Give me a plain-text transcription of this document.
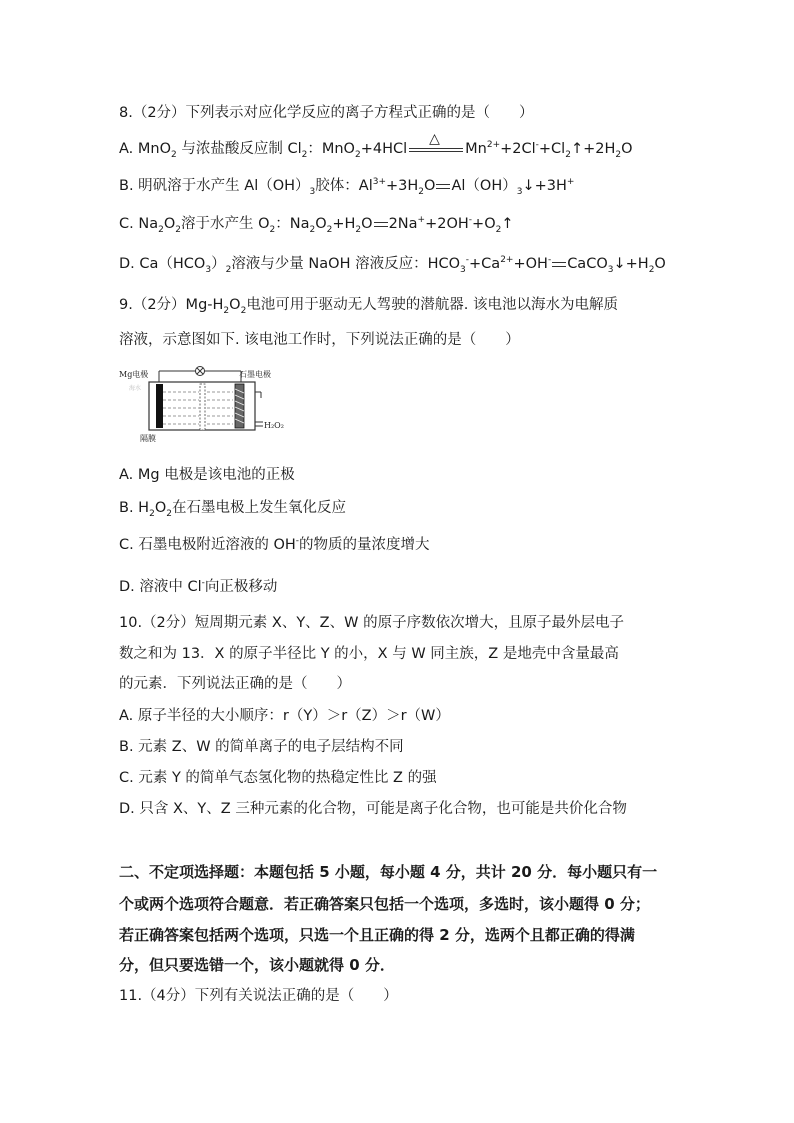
8.（2分）下列表示对应化学反应的离子方程式正确的是（　　）
A. MnO$_2$ 与浓盐酸反应制 $Cl_2$：MnO$_2$+4HCl
△
$Mn^{2+}+2Cl^-+Cl_2↑+2H_2O$
B. 明矾溶于水产生 $Al(OH)_3$胶体：$Al^{3+}+3H_2O$ $Al(OH)_3↓+3H^+$
C. $Na_2O_2$溶于水产生 $O_2$：$Na_2O_2+H_2O$ $2Na^++2OH^-+O_2↑$
D. $Ca(HCO_3)_2$溶液与少量 NaOH 溶液反应：$HCO_3^-+Ca^{2+}+OH^-$ $CaCO_3↓+H_2O$
9.（2分）$Mg-H_2O_2$电池可用于驱动无人驾驶的潜航器. 该电池以海水为电解质
溶液，示意图如下. 该电池工作时，下列说法正确的是（　　）
Mg电极	石墨电极
H₂O₂
海水
隔膜
A. Mg 电极是该电池的正极
B. $H_2O_2$在石墨电极上发生氧化反应
C. 石墨电极附近溶液的 OH-的物质的量浓度增大
D. 溶液中 Cl-向正极移动
10.（2分）短周期元素 X、Y、Z、W 的原子序数依次增大，且原子最外层电子
数之和为 13．X 的原子半径比 Y 的小，X 与 W 同主族，Z 是地壳中含量最高
的元素．下列说法正确的是（　　）
A. 原子半径的大小顺序：r（Y）＞r（Z）＞r（W）
B. 元素 Z、W 的简单离子的电子层结构不同
C. 元素 Y 的简单气态氢化物的热稳定性比 Z 的强
D. 只含 X、Y、Z 三种元素的化合物，可能是离子化合物，也可能是共价化合物
二、不定项选择题：本题包括 5 小题，每小题 4 分，共计 20 分．每小题只有一
个或两个选项符合题意．若正确答案只包括一个选项，多选时，该小题得 0 分；
若正确答案包括两个选项，只选一个且正确的得 2 分，选两个且都正确的得满
分，但只要选错一个，该小题就得 0 分．
11.（4分）下列有关说法正确的是（　　）
